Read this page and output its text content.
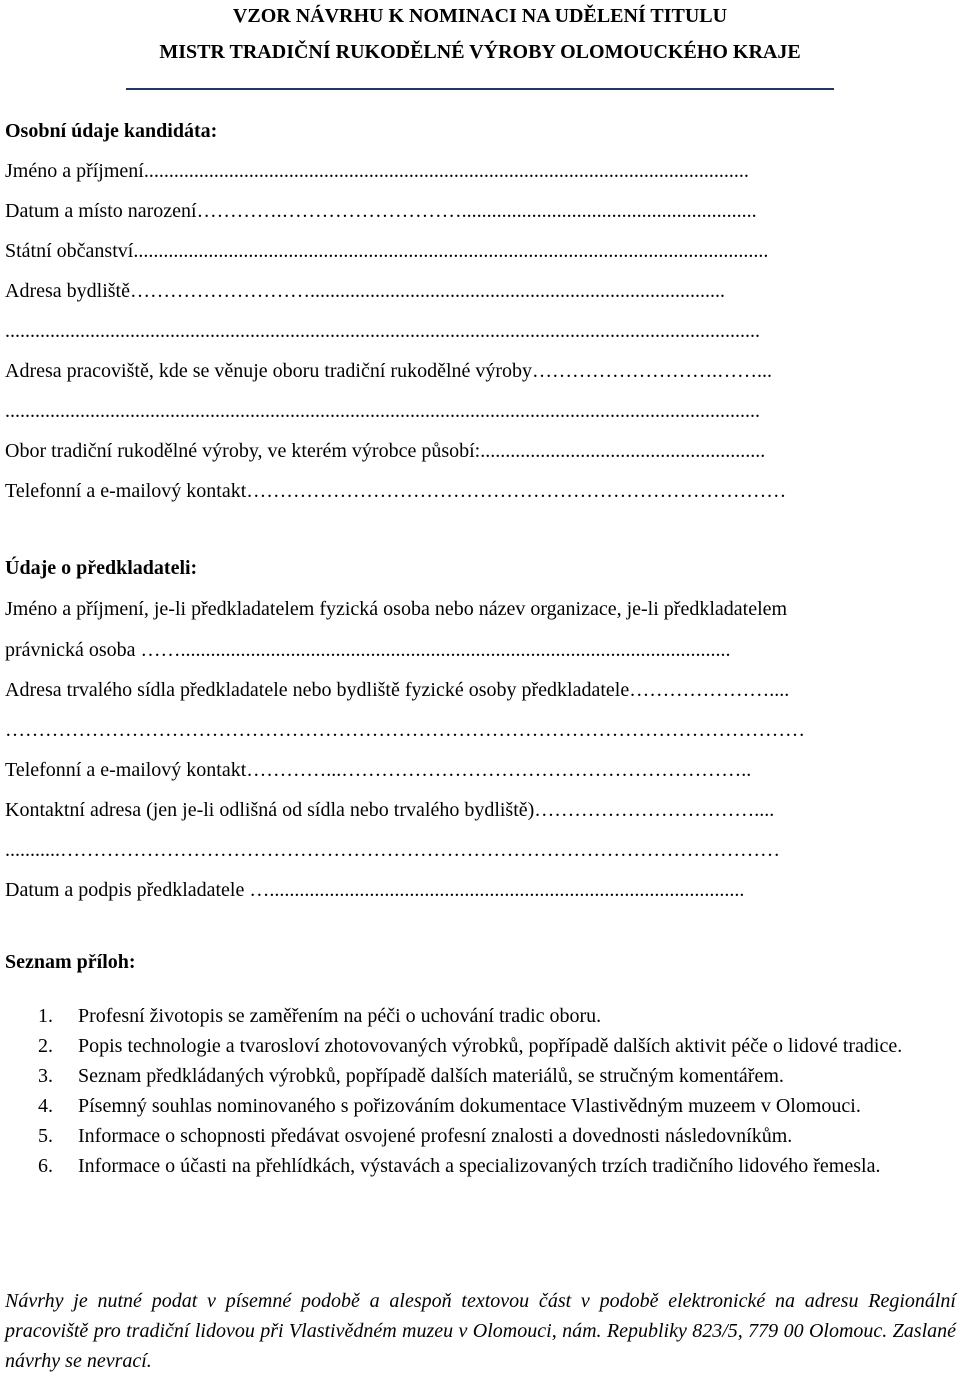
VZOR NÁVRHU K NOMINACI NA UDĚLENÍ TITULU
MISTR TRADIČNÍ RUKODĚLNÉ VÝROBY OLOMOUCKÉHO KRAJE
Osobní údaje kandidáta:
Jméno a příjmení.........................................................................................................................
Datum a místo narození………….………………………...........................................................
Státní občanství...............................................................................................................................
Adresa bydliště………………………...................................................................................
.......................................................................................................................................................
Adresa pracoviště, kde se věnuje oboru tradiční rukodělné výroby……………………….……...
.......................................................................................................................................................
Obor tradiční rukodělné výroby, ve kterém výrobce působí:.........................................................
Telefonní a e-mailový kontakt………………………………………………………………………
Údaje o předkladateli:
Jméno a příjmení, je-li předkladatelem fyzická osoba nebo název organizace, je-li předkladatelem
právnická osoba ……..............................................................................................................
Adresa trvalého sídla předkladatele nebo bydliště fyzické osoby předkladatele…………………....
…………………………………………………………………………………………………………
Telefonní a e-mailový kontakt…………...……………………………………………………..
Kontaktní adresa (jen je-li odlišná od sídla nebo trvalého bydliště)……………………………....
...........………………………………………………………………………………………………
Datum a podpis předkladatele …...............................................................................................
Seznam příloh:
1. Profesní životopis se zaměřením na péči o uchování tradic oboru.
2. Popis technologie a tvarosloví zhotovovaných výrobků, popřípadě dalších aktivit péče o lidové tradice.
3. Seznam předkládaných výrobků, popřípadě dalších materiálů, se stručným komentářem.
4. Písemný souhlas nominovaného s pořizováním dokumentace Vlastivědným muzeem v Olomouci.
5. Informace o schopnosti předávat osvojené profesní znalosti a dovednosti následovníkům.
6. Informace o účasti na přehlídkách, výstavách a specializovaných trzích tradičního lidového řemesla.
Návrhy je nutné podat v písemné podobě a alespoň textovou část v podobě elektronické na adresu Regionální pracoviště pro tradiční lidovou při Vlastivědném muzeu v Olomouci, nám. Republiky 823/5, 779 00 Olomouc. Zaslané návrhy se nevrací.
